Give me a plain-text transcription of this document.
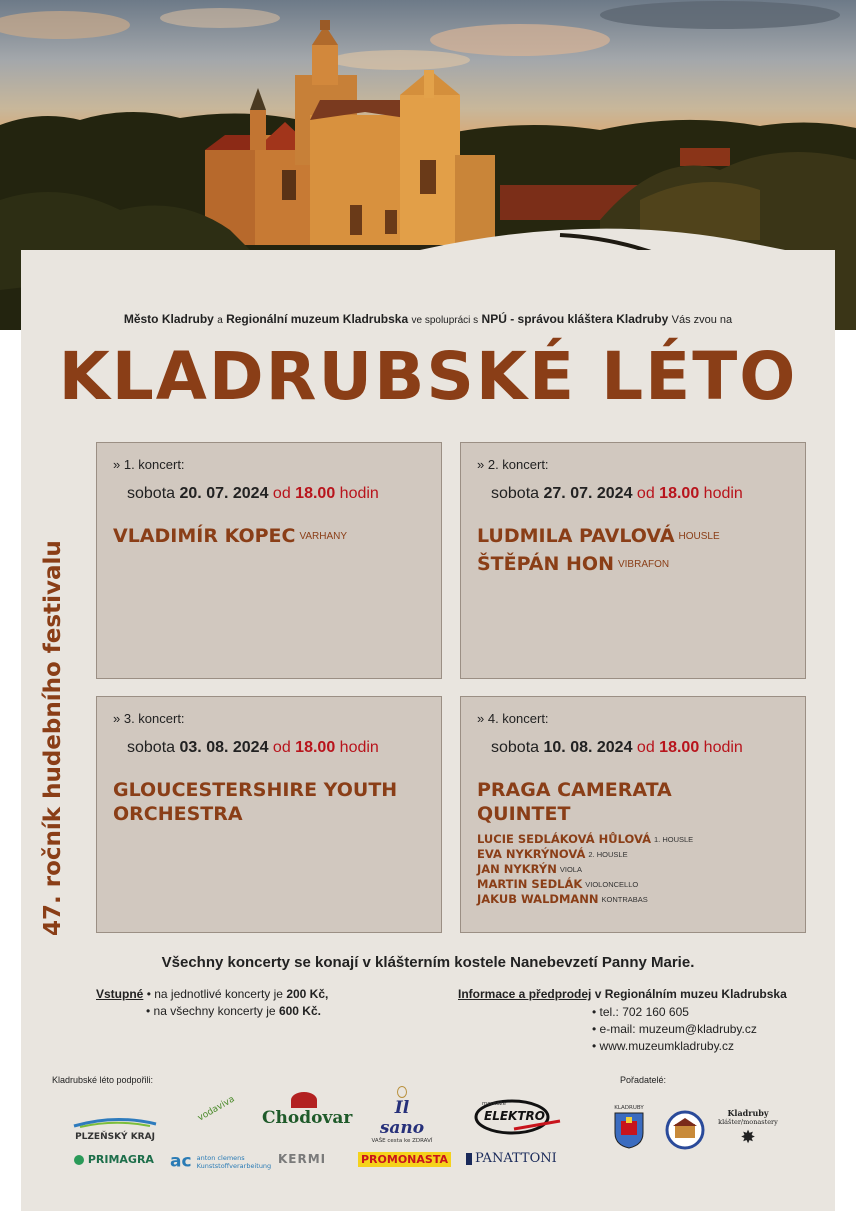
Město Kladruby a Regionální muzeum Kladrubska ve spolupráci s NPÚ - správou kláštera Kladruby Vás zvou na
KLADRUBSKÉ LÉTO
47. ročník hudebního festivalu
» 1. koncert:
sobota 20. 07. 2024 od 18.00 hodin
VLADIMÍR KOPEC $^{VARHANY}$
» 2. koncert:
sobota 27. 07. 2024 od 18.00 hodin
LUDMILA PAVLOVÁ $^{HOUSLE}$
ŠTĚPÁN HON $^{VIBRAFON}$
» 3. koncert:
sobota 03. 08. 2024 od 18.00 hodin
GLOUCESTERSHIRE YOUTH
ORCHESTRA
» 4. koncert:
sobota 10. 08. 2024 od 18.00 hodin
PRAGA CAMERATA
QUINTET
LUCIE SEDLÁKOVÁ HŮLOVÁ $^{1. HOUSLE}$
EVA NYKRÝNOVÁ $^{2. HOUSLE}$
JAN NYKRÝN $^{VIOLA}$
MARTIN SEDLÁK $^{VIOLONCELLO}$
JAKUB WALDMANN $^{KONTRABAS}$
Všechny koncerty se konají v klášterním kostele Nanebevzetí Panny Marie.
Vstupné • na jednotlivé koncerty je 200 Kč,
• na všechny koncerty je 600 Kč.
Informace a předprodej v Regionálním muzeu Kladrubska
• tel.: 702 160 605
• e-mail: muzeum@kladruby.cz
• www.muzeumkladruby.cz
Kladrubské léto podpořili:	Pořadatelé:
PLZEŇSKÝ KRAJ
PRIMAGRA
vodaviva
ac anton clemens
Kunststoffverarbeitung
Chodovar
KERMI
Il sano
VAŠE cesta ke ZDRAVÍ
PROMONASTA
montáže
ELEKTRO
PANATTONI
KLADRUBY	Kladruby
klášter/monastery
✸
